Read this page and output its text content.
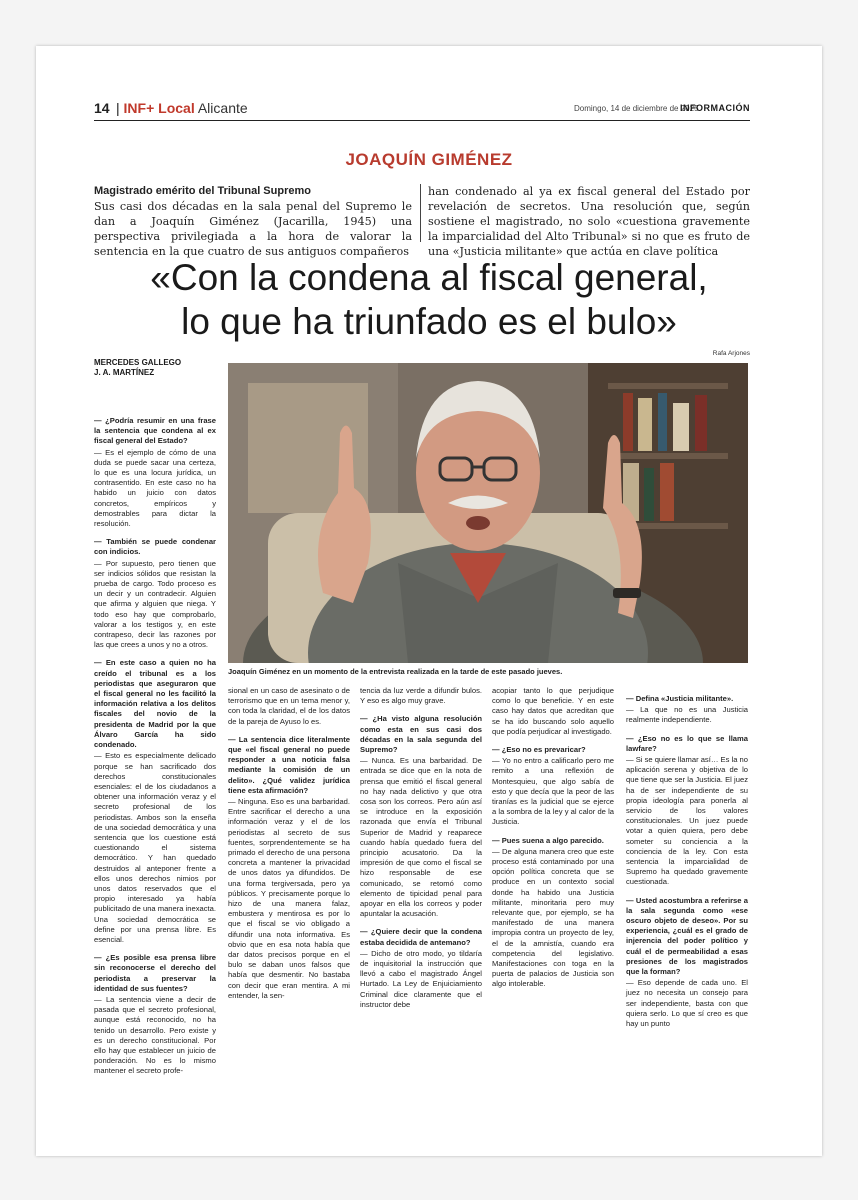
14 | INF+ Local Alicante	Domingo, 14 de diciembre de 2025
INFORMACIÓN
JOAQUÍN GIMÉNEZ
Magistrado emérito del Tribunal Supremo
Sus casi dos décadas en la sala penal del Supremo le dan a Joaquín Giménez (Jacarilla, 1945) una perspectiva privilegiada a la hora de valorar la sentencia en la que cuatro de sus antiguos compañeros
han condenado al ya ex fiscal general del Estado por revelación de secretos. Una resolución que, según sostiene el magistrado, no solo «cuestiona gravemente la imparcialidad del Alto Tribunal» si no que es fruto de una «Justicia militante» que actúa en clave política
«Con la condena al fiscal general,
lo que ha triunfado es el bulo»
MERCEDES GALLEGO
J. A. MARTÍNEZ
Rafa Arjones
Joaquín Giménez en un momento de la entrevista realizada en la tarde de este pasado jueves.

— ¿Podría resumir en una frase la sentencia que condena al ex fiscal general del Estado?

— Es el ejemplo de cómo de una duda se puede sacar una certeza, lo que es una locura jurídica, un contrasentido. En este caso no ha habido un juicio con datos concretos, empíricos y demostrables para dictar la resolución.

— También se puede condenar con indicios.

— Por supuesto, pero tienen que ser indicios sólidos que resistan la prueba de cargo. Todo proceso es un decir y un contradecir. Alguien que afirma y alguien que niega. Y todo eso hay que comprobarlo, valorar a los testigos y, en este contrapeso, decir las razones por las que crees a unos y no a otros.

— En este caso a quien no ha creído el tribunal es a los periodistas que aseguraron que el fiscal general no les facilitó la información relativa a los delitos fiscales del novio de la presidenta de Madrid por la que Álvaro García ha sido condenado.

— Esto es especialmente delicado porque se han sacrificado dos derechos constitucionales esenciales: el de los ciudadanos a obtener una información veraz y el secreto profesional de los periodistas. Ambos son la enseña de una sociedad democrática y una sentencia que los cuestione está cuestionando el sistema democrático. Y han quedado destruidos al anteponer frente a ellos unos derechos nimios por unos datos reservados que el propio interesado ya había publicitado de una manera inexacta. Una sociedad democrática se define por una prensa libre. Es esencial.

— ¿Es posible esa prensa libre sin reconocerse el derecho del periodista a preservar la identidad de sus fuentes?

— La sentencia viene a decir de pasada que el secreto profesional, aunque está reconocido, no ha tenido un desarrollo. Pero existe y es un derecho constitucional. Por ello hay que establecer un juicio de ponderación. No es lo mismo mantener el secreto profe-

sional en un caso de asesinato o de terrorismo que en un tema menor y, con toda la claridad, el de los datos de la pareja de Ayuso lo es.

— La sentencia dice literalmente que «el fiscal general no puede responder a una noticia falsa mediante la comisión de un delito». ¿Qué validez jurídica tiene esta afirmación?

— Ninguna. Eso es una barbaridad. Entre sacrificar el derecho a una información veraz y el de los periodistas al secreto de sus fuentes, sorprendentemente se ha primado el derecho de una persona concreta a mantener la privacidad de unos datos ya difundidos. De una forma tergiversada, pero ya públicos. Y precisamente porque lo hizo de una manera falaz, embustera y mentirosa es por lo que el fiscal se vio obligado a difundir una nota informativa. Es obvio que en esa nota había que dar datos precisos porque en el bulo se daban unos falsos que había que desmentir. No bastaba con decir que eran mentira. A mi entender, la sen-

tencia da luz verde a difundir bulos. Y eso es algo muy grave.

— ¿Ha visto alguna resolución como esta en sus casi dos décadas en la sala segunda del Supremo?

— Nunca. Es una barbaridad. De entrada se dice que en la nota de prensa que emitió el fiscal general no hay nada delictivo y que otra cosa son los correos. Pero aún así se introduce en la exposición razonada que envía el Tribunal Superior de Madrid y reaparece cuando había quedado fuera del principio acusatorio. Da la impresión de que como el fiscal se hizo responsable de ese comunicado, se retomó como elemento de tipicidad penal para apoyar en ella los correos y poder apuntalar la acusación.

— ¿Quiere decir que la condena estaba decidida de antemano?

— Dicho de otro modo, yo tildaría de inquisitorial la instrucción que llevó a cabo el magistrado Ángel Hurtado. La Ley de Enjuiciamiento Criminal dice claramente que el instructor debe

acopiar tanto lo que perjudique como lo que beneficie. Y en este caso hay datos que acreditan que se ha ido buscando solo aquello que podía perjudicar al investigado.

— ¿Eso no es prevaricar?

— Yo no entro a calificarlo pero me remito a una reflexión de Montesquieu, que algo sabía de esto y que decía que la peor de las tiranías es la judicial que se ejerce a la sombra de la ley y al calor de la Justicia.

— Pues suena a algo parecido.

— De alguna manera creo que este proceso está contaminado por una opción política concreta que se produce en un contexto social donde ha habido una Justicia militante, minoritaria pero muy relevante que, por ejemplo, se ha manifestado de una manera impropia contra un proyecto de ley, el de la amnistía, cuando era competencia del legislativo. Manifestaciones con toga en la puerta de palacios de Justicia son algo intolerable.

— Defina «Justicia militante».

— La que no es una Justicia realmente independiente.

— ¿Eso no es lo que se llama lawfare?

— Si se quiere llamar así… Es la no aplicación serena y objetiva de lo que tiene que ser la Justicia. El juez ha de ser independiente de su propia ideología para ponerla al servicio de los valores constitucionales. Un juez puede votar a quien quiera, pero debe someter su conciencia a la conciencia de la ley. Con esta sentencia la imparcialidad de Supremo ha quedado gravemente cuestionada.

— Usted acostumbra a referirse a la sala segunda como «ese oscuro objeto de deseo». Por su experiencia, ¿cuál es el grado de injerencia del poder político y cuál el de permeabilidad a esas presiones de los magistrados que la forman?

— Eso depende de cada uno. El juez no necesita un consejo para ser independiente, basta con que quiera serlo. Lo que sí creo es que hay un punto
